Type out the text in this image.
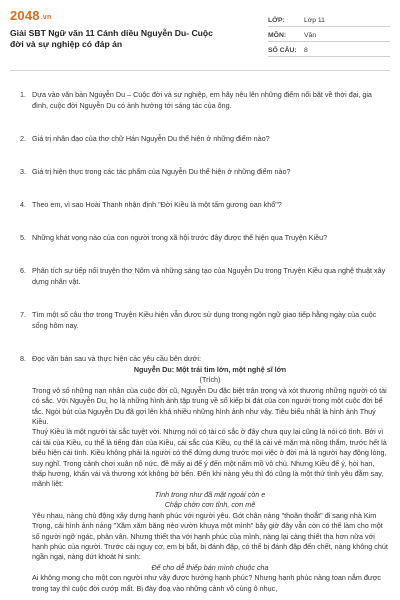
2048.vn
Giải SBT Ngữ văn 11 Cánh diều Nguyễn Du- Cuộc đời và sự nghiệp có đáp án
LỚP:	Lớp 11
MÔN:	Văn
SỐ CÂU:	8
1. Dựa vào văn bản Nguyễn Du – Cuộc đời và sự nghiệp, em hãy nêu lên những điểm nổi bật về thời đại, gia đình, cuộc đời Nguyễn Du có ảnh hưởng tới sáng tác của ông.
2. Giá trị nhân đạo của thơ chữ Hán Nguyễn Du thể hiện ở những điểm nào?
3. Giá trị hiện thực trong các tác phẩm của Nguyễn Du thể hiện ở những điểm nào?
4. Theo em, vì sao Hoài Thanh nhận định "Đời Kiều là một tấm gương oan khổ"?
5. Những khát vọng nào của con người trong xã hội trước đây được thể hiện qua Truyện Kiều?
6. Phân tích sự tiếp nối truyện thơ Nôm và những sáng tạo của Nguyễn Du trong Truyện Kiều qua nghệ thuật xây dựng nhân vật.
7. Tìm một số câu thơ trong Truyện Kiều hiện vẫn được sử dụng trong ngôn ngữ giao tiếp hằng ngày của cuộc sống hôm nay.
8. Đọc văn bản sau và thực hiện các yêu cầu bên dưới:

Nguyễn Du: Một trái tim lớn, một nghệ sĩ lớn

(Trích)

Trong vô số những nạn nhân của cuộc đời cũ, Nguyễn Du đặc biệt trân trọng và xót thương những người có tài có sắc. Với Nguyễn Du, họ là những hình ảnh tập trung về số kiếp bi đát của con người trong một cuộc đời bế tắc. Ngòi bút của Nguyễn Du đã gợi lên khá nhiều những hình ảnh như vậy. Tiêu biểu nhất là hình ảnh Thuý Kiều.

Thuý Kiều là một người tài sắc tuyệt vời. Nhưng nói có tài có sắc ở đây chưa quy lại cũng là nói có tình. Bởi vì cái tài của Kiều, cụ thể là tiếng đàn của Kiều, cái sắc của Kiều, cụ thể là cái vẻ mặn mà nồng thắm, trước hết là biểu hiện cái tình. Kiều không phải là người có thể đứng dưng trước mọi việc ở đời mà là người hay động lòng, suy nghĩ. Trong cảnh chơi xuân nô nức, đề mấy ai để ý đến một nấm mồ vô chủ. Nhưng Kiều để ý, hỏi han, thấp hương, khấn vái và thương xót không bờ bến. Đến khi nàng yêu thì đó cũng là một thứ tình yêu đằm say, mãnh liệt:

Tình trong như đã mặt ngoài còn e

Chập chờn cơn tỉnh, cơn mê

Yêu nhau, nàng chủ động xây dựng hạnh phúc với người yêu. Gót chân nàng "thoăn thoắt" đi sang nhà Kim Trọng, cái hình ảnh nàng "Xăm xăm băng nẻo vườn khuya một mình" bây giờ đây vẫn còn có thể làm cho một số người ngỡ ngác, phân vân. Nhưng thiết tha với hạnh phúc của mình, nàng lại càng thiết tha hơn nữa với hạnh phúc của người. Trước cái nguy cơ, em bị bắt, bị đánh đập, có thể bị đánh đập đến chết, nàng không chút ngần ngại, nàng dứt khoát hi sinh:

Để cho dễ thiếp bán mình chuộc cha

Ai không mong cho một con người như vậy được hưởng hạnh phúc? Nhưng hạnh phúc nàng toan nắm được trong tay thì cuộc đời cướp mất. Bị đày đoạ vào những cảnh vô cùng ô nhục,
